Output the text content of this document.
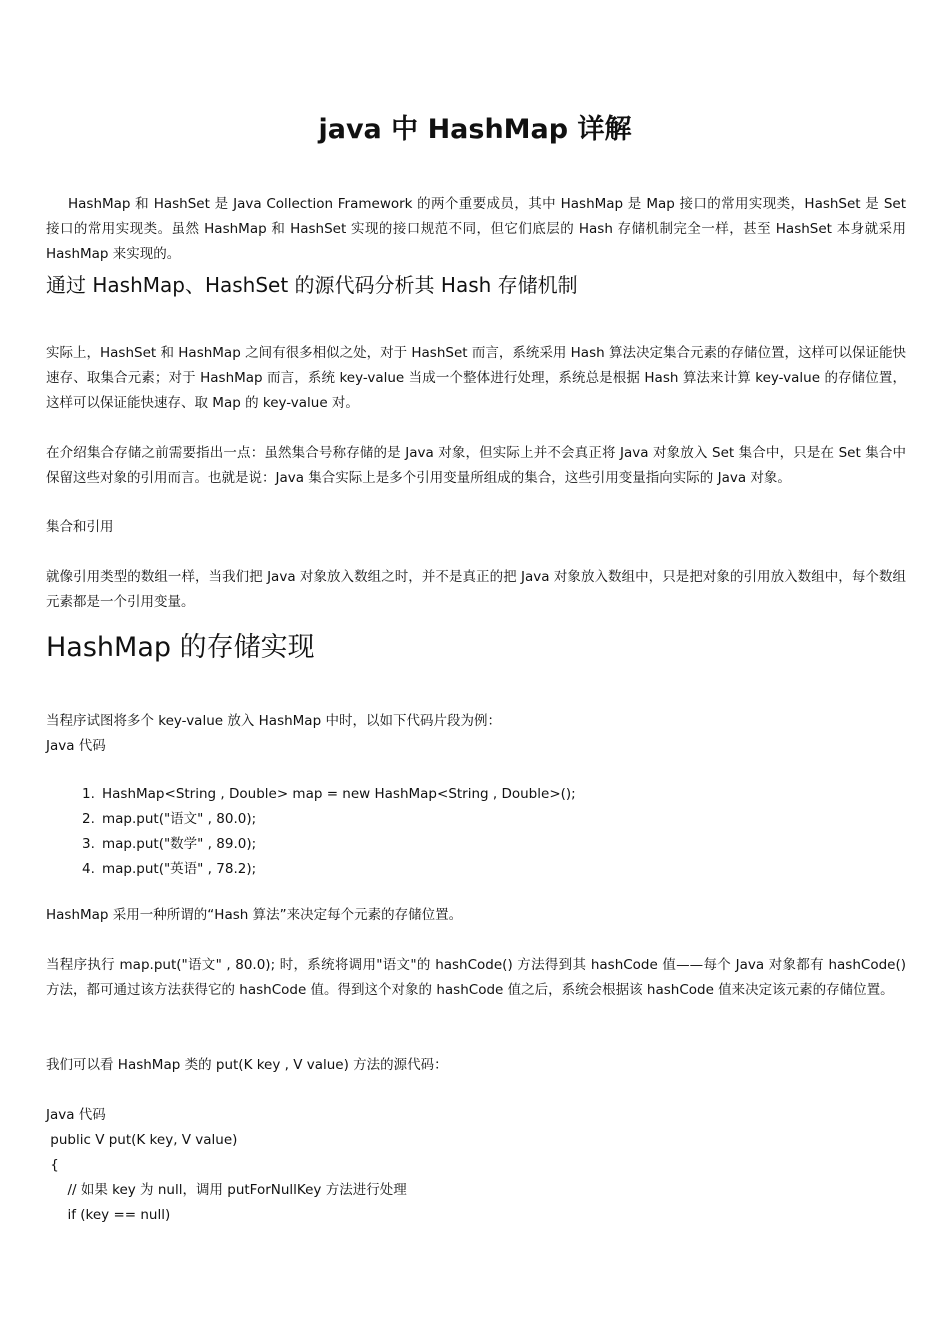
java 中 HashMap 详解

HashMap 和 HashSet 是 Java Collection Framework 的两个重要成员，其中 HashMap 是 Map 接口的常用实现类，HashSet 是 Set 接口的常用实现类。虽然 HashMap 和 HashSet 实现的接口规范不同，但它们底层的 Hash 存储机制完全一样，甚至 HashSet 本身就采用 HashMap 来实现的。

通过 HashMap、HashSet 的源代码分析其 Hash 存储机制

实际上，HashSet 和 HashMap 之间有很多相似之处，对于 HashSet 而言，系统采用 Hash 算法决定集合元素的存储位置，这样可以保证能快速存、取集合元素；对于 HashMap 而言，系统 key-value 当成一个整体进行处理，系统总是根据 Hash 算法来计算 key-value 的存储位置，这样可以保证能快速存、取 Map 的 key-value 对。

在介绍集合存储之前需要指出一点：虽然集合号称存储的是 Java 对象，但实际上并不会真正将 Java 对象放入 Set 集合中，只是在 Set 集合中保留这些对象的引用而言。也就是说：Java 集合实际上是多个引用变量所组成的集合，这些引用变量指向实际的 Java 对象。

集合和引用

就像引用类型的数组一样，当我们把 Java 对象放入数组之时，并不是真正的把 Java 对象放入数组中，只是把对象的引用放入数组中，每个数组元素都是一个引用变量。

HashMap 的存储实现

当程序试图将多个 key-value 放入 HashMap 中时，以如下代码片段为例：

Java 代码

1. HashMap<String , Double> map = new HashMap<String , Double>();
2. map.put("语文" , 80.0);
3. map.put("数学" , 89.0);
4. map.put("英语" , 78.2);

HashMap 采用一种所谓的“Hash 算法”来决定每个元素的存储位置。

当程序执行 map.put("语文" , 80.0); 时，系统将调用"语文"的 hashCode() 方法得到其 hashCode 值——每个 Java 对象都有 hashCode() 方法，都可通过该方法获得它的 hashCode 值。得到这个对象的 hashCode 值之后，系统会根据该 hashCode 值来决定该元素的存储位置。

我们可以看 HashMap 类的 put(K key , V value) 方法的源代码：

Java 代码

public V put(K key, V value)

{

// 如果 key 为 null，调用 putForNullKey 方法进行处理

if (key == null)
